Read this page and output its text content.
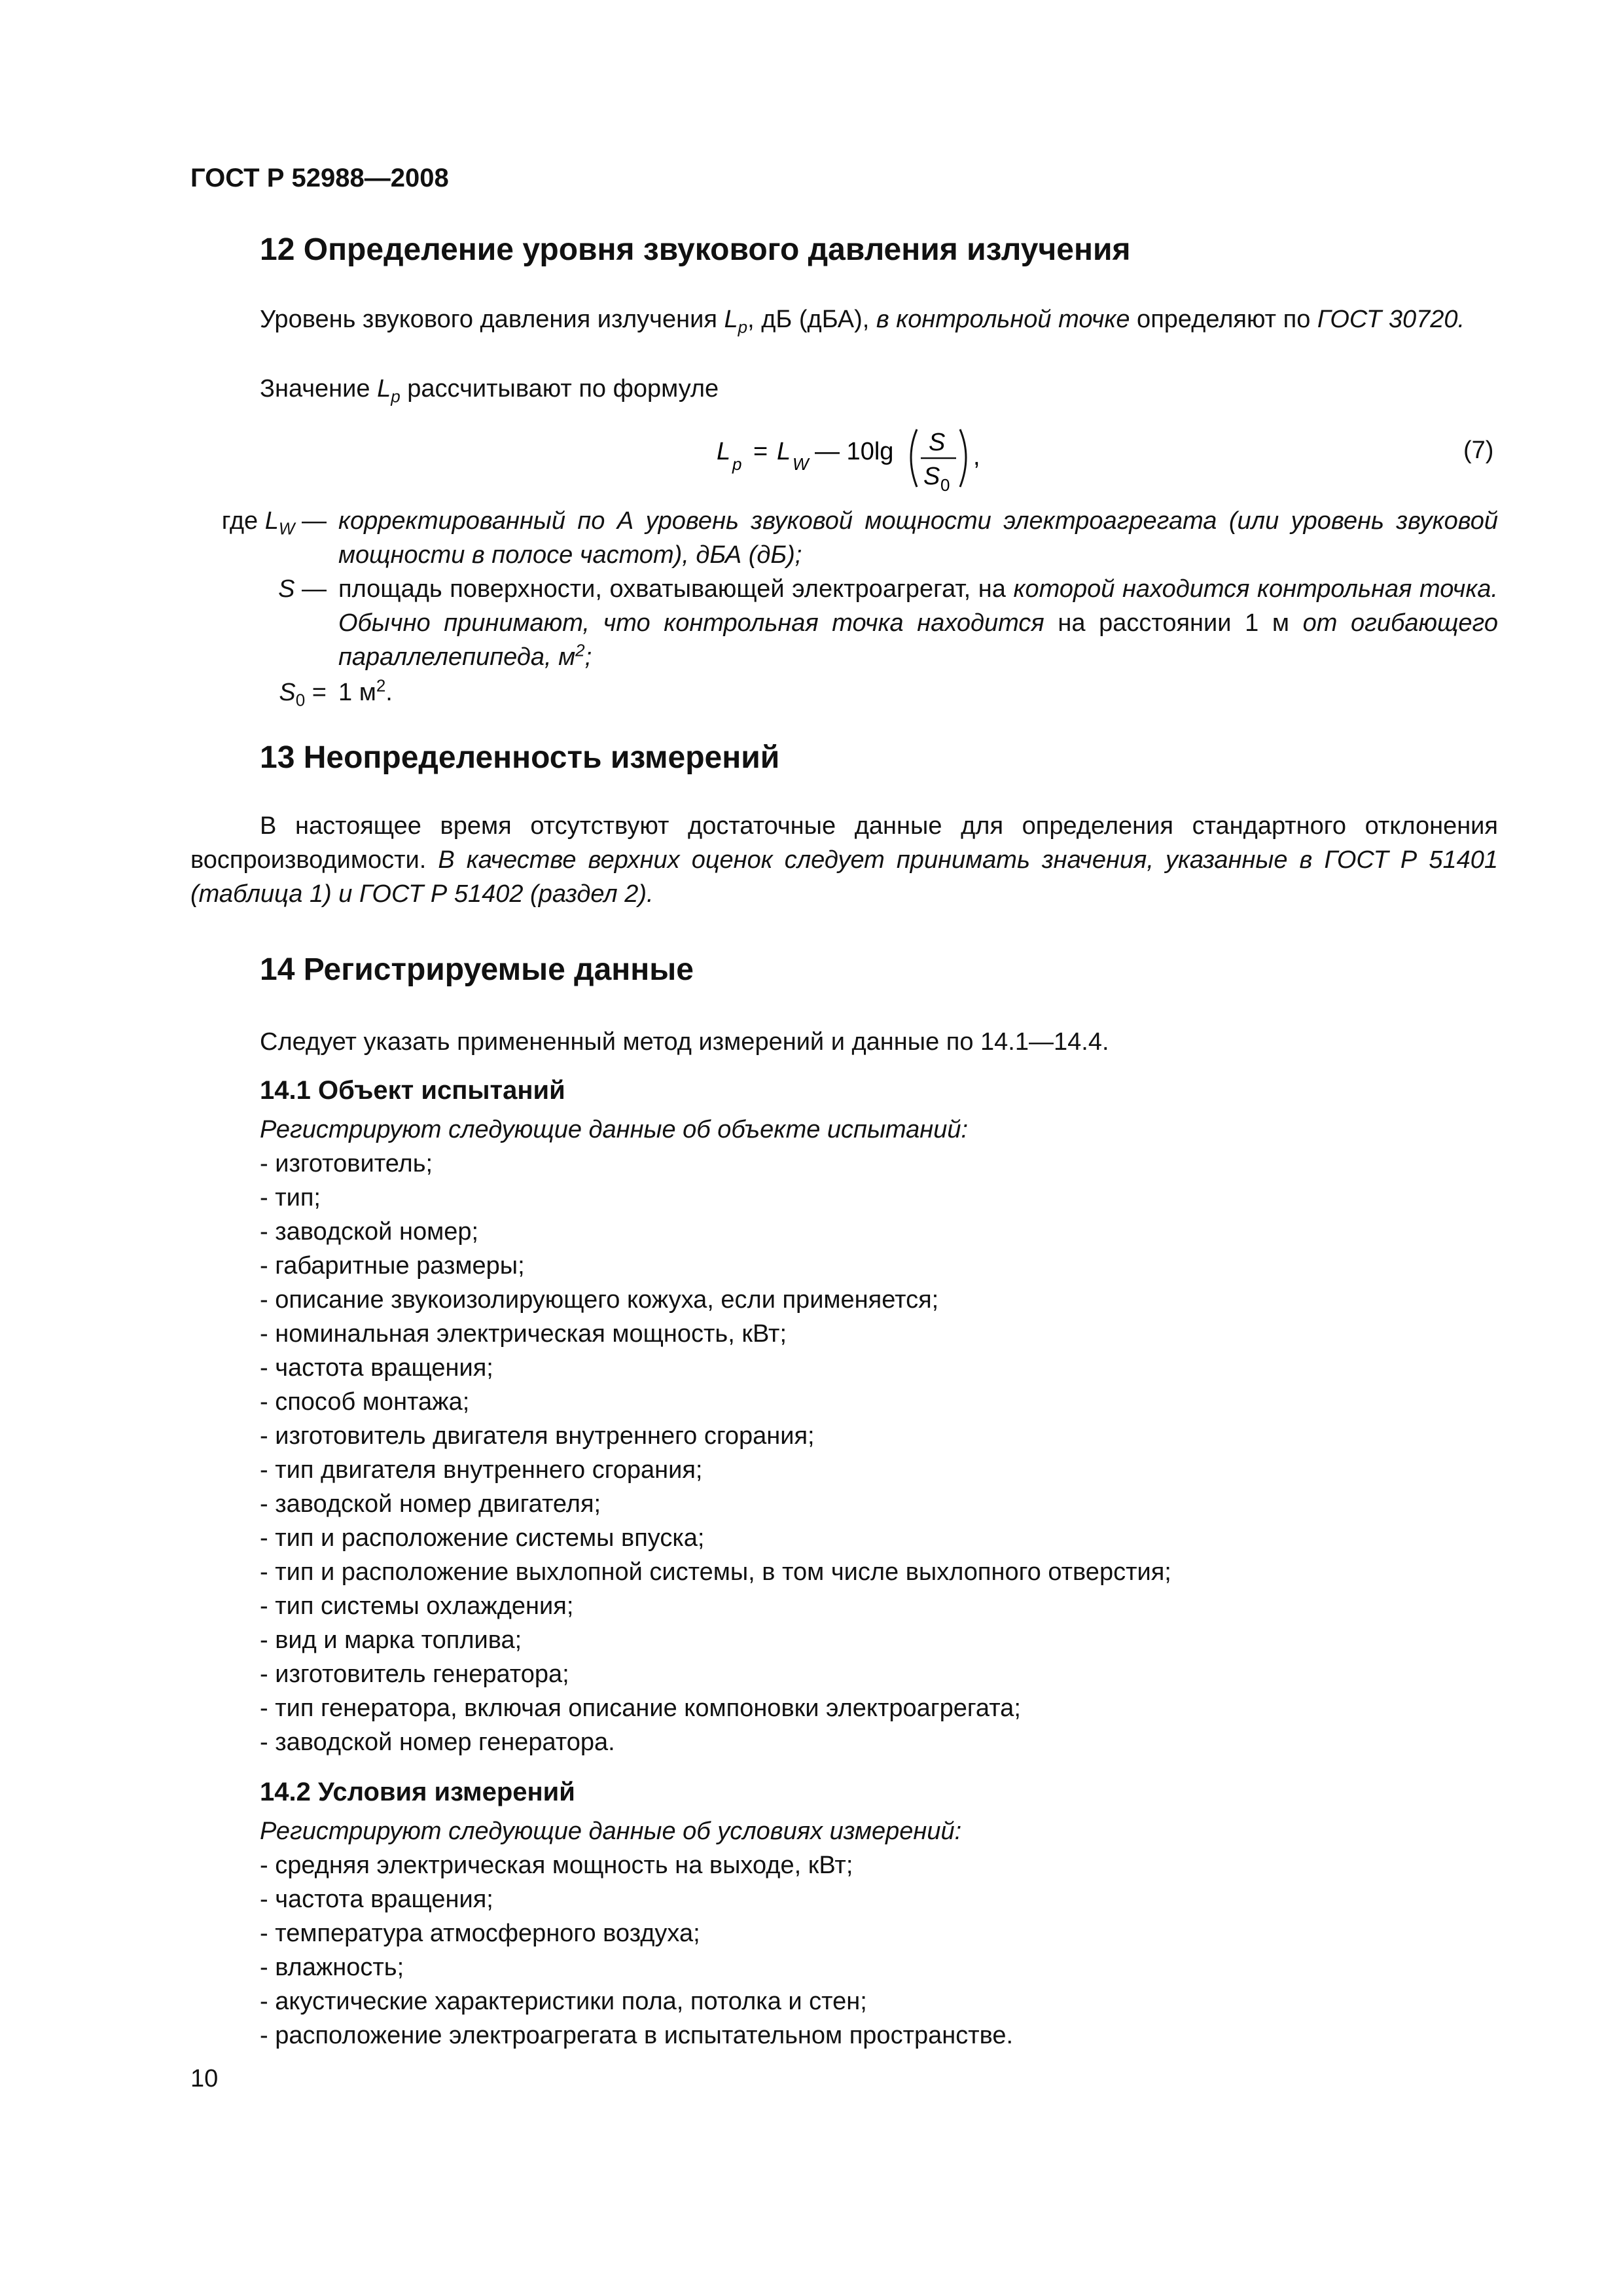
ГОСТ Р 52988—2008
12 Определение уровня звукового давления излучения
Уровень звукового давления излучения $L_p$, дБ (дБА), в контрольной точке определяют по ГОСТ 30720.
Значение $L_p$ рассчитывают по формуле
L p = L W — 10lg S
S 0
,	(7)
где $L_W$ — корректированный по А уровень звуковой мощности электроагрегата (или уровень звуковой мощности в полосе частот), дБА (дБ);
S — площадь поверхности, охватывающей электроагрегат, на которой находится контрольная точка. Обычно принимают, что контрольная точка находится на расстоянии 1 м от огибающего параллелепипеда, $м^2$;
$S_0 = 1$ $м^2$.
13 Неопределенность измерений
В настоящее время отсутствуют достаточные данные для определения стандартного отклонения воспроизводимости. В качестве верхних оценок следует принимать значения, указанные в ГОСТ Р 51401 (таблица 1) и ГОСТ Р 51402 (раздел 2).
14 Регистрируемые данные
Следует указать примененный метод измерений и данные по 14.1—14.4.
14.1 Объект испытаний
Регистрируют следующие данные об объекте испытаний:
- изготовитель;
- тип;
- заводской номер;
- габаритные размеры;
- описание звукоизолирующего кожуха, если применяется;
- номинальная электрическая мощность, кВт;
- частота вращения;
- способ монтажа;
- изготовитель двигателя внутреннего сгорания;
- тип двигателя внутреннего сгорания;
- заводской номер двигателя;
- тип и расположение системы впуска;
- тип и расположение выхлопной системы, в том числе выхлопного отверстия;
- тип системы охлаждения;
- вид и марка топлива;
- изготовитель генератора;
- тип генератора, включая описание компоновки электроагрегата;
- заводской номер генератора.
14.2 Условия измерений
Регистрируют следующие данные об условиях измерений:
- средняя электрическая мощность на выходе, кВт;
- частота вращения;
- температура атмосферного воздуха;
- влажность;
- акустические характеристики пола, потолка и стен;
- расположение электроагрегата в испытательном пространстве.
10
